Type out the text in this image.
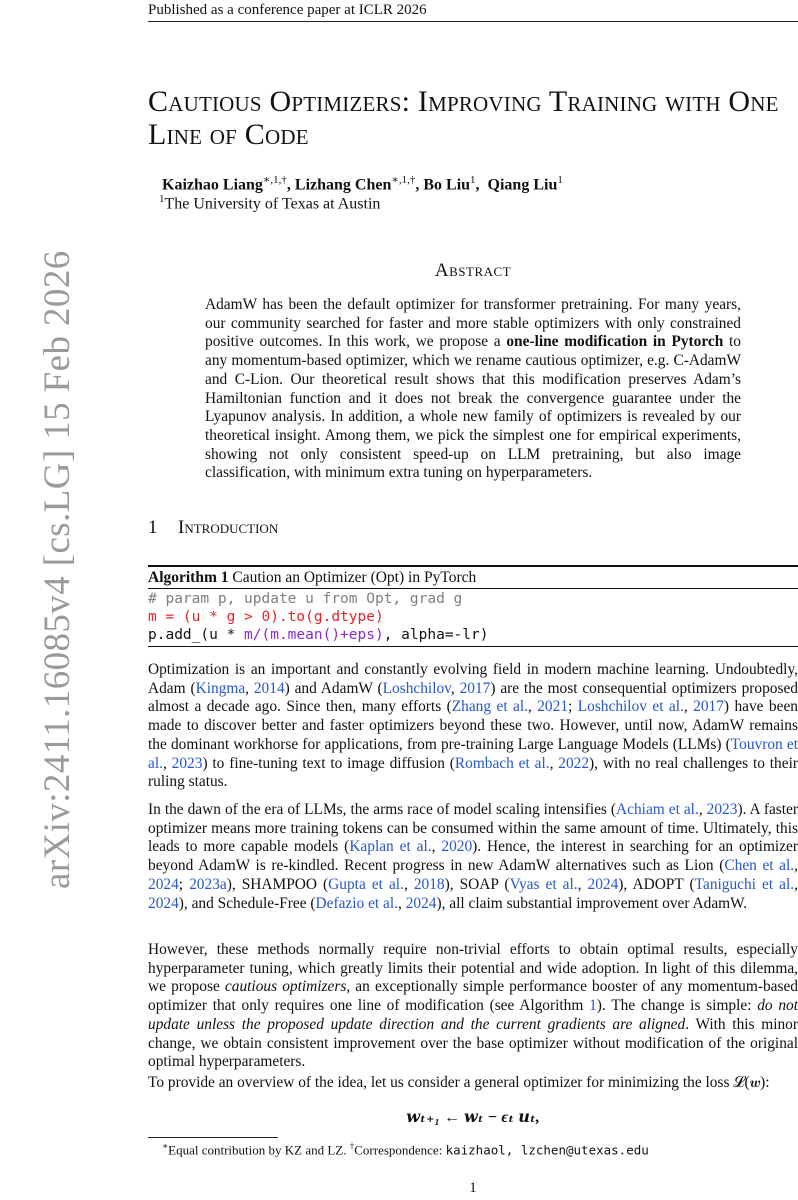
Published as a conference paper at ICLR 2026
arXiv:2411.16085v4 [cs.LG] 15 Feb 2026
Cautious Optimizers: Improving Training with One Line of Code
Kaizhao Liang$^{∗,1,\dagger}$, Lizhang Chen$^{∗,1,\dagger}$, Bo Liu$^1$,  Qiang Liu$^1$
$^1$The University of Texas at Austin
Abstract
AdamW has been the default optimizer for transformer pretraining. For many years, our community searched for faster and more stable optimizers with only constrained positive outcomes. In this work, we propose a one-line modification in Pytorch to any momentum-based optimizer, which we rename cautious optimizer, e.g. C-AdamW and C-Lion. Our theoretical result shows that this modification preserves Adam’s Hamiltonian function and it does not break the convergence guarantee under the Lyapunov analysis. In addition, a whole new family of optimizers is revealed by our theoretical insight. Among them, we pick the simplest one for empirical experiments, showing not only consistent speed-up on LLM pretraining, but also image classification, with minimum extra tuning on hyperparameters.
1 Introduction
Algorithm 1 Caution an Optimizer (Opt) in PyTorch
# param p, update u from Opt, grad g
m = (u * g > 0).to(g.dtype)
p.add_(u * m/(m.mean()+eps), alpha=-lr)
Optimization is an important and constantly evolving field in modern machine learning. Undoubtedly, Adam (Kingma, 2014) and AdamW (Loshchilov, 2017) are the most consequential optimizers proposed almost a decade ago. Since then, many efforts (Zhang et al., 2021; Loshchilov et al., 2017) have been made to discover better and faster optimizers beyond these two. However, until now, AdamW remains the dominant workhorse for applications, from pre-training Large Language Models (LLMs) (Touvron et al., 2023) to fine-tuning text to image diffusion (Rombach et al., 2022), with no real challenges to their ruling status.
In the dawn of the era of LLMs, the arms race of model scaling intensifies (Achiam et al., 2023). A faster optimizer means more training tokens can be consumed within the same amount of time. Ultimately, this leads to more capable models (Kaplan et al., 2020). Hence, the interest in searching for an optimizer beyond AdamW is re-kindled. Recent progress in new AdamW alternatives such as Lion (Chen et al., 2024; 2023a), SHAMPOO (Gupta et al., 2018), SOAP (Vyas et al., 2024), ADOPT (Taniguchi et al., 2024), and Schedule-Free (Defazio et al., 2024), all claim substantial improvement over AdamW.
However, these methods normally require non-trivial efforts to obtain optimal results, especially hyperparameter tuning, which greatly limits their potential and wide adoption. In light of this dilemma, we propose cautious optimizers, an exceptionally simple performance booster of any momentum-based optimizer that only requires one line of modification (see Algorithm 1). The change is simple: do not update unless the proposed update direction and the current gradients are aligned. With this minor change, we obtain consistent improvement over the base optimizer without modification of the original optimal hyperparameters.
To provide an overview of the idea, let us consider a general optimizer for minimizing the loss 𝓛(𝒘):
𝒘ₜ₊₁ ← 𝒘ₜ − ϵₜ 𝒖ₜ,
∗Equal contribution by KZ and LZ. †Correspondence: kaizhaol, lzchen@utexas.edu
1
